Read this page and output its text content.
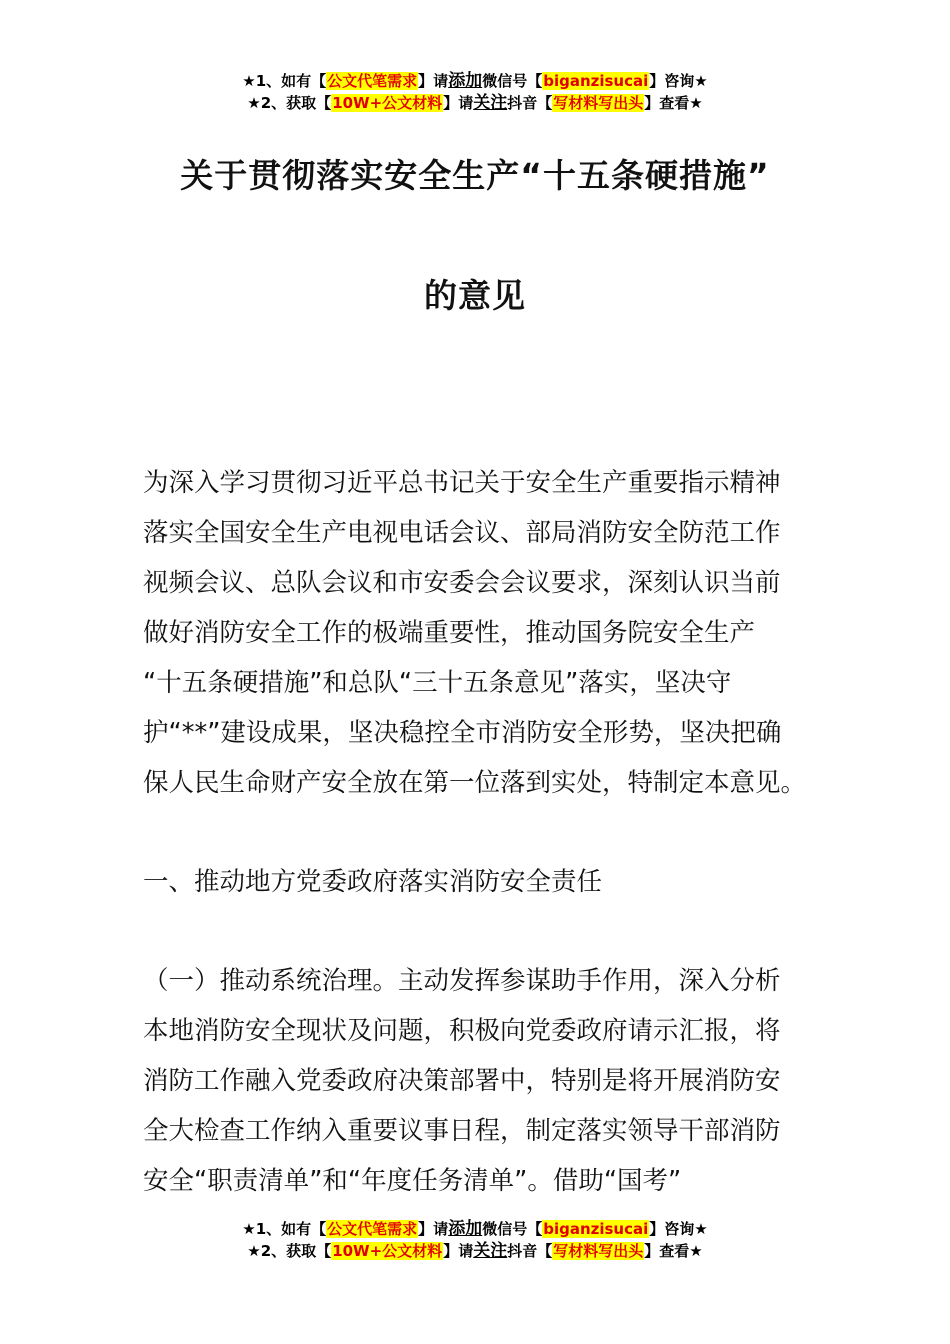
★1、如有【公文代笔需求】请添加微信号【biganzisucai】咨询★
★2、获取【10W+公文材料】请关注抖音【写材料写出头】查看★
关于贯彻落实安全生产“十五条硬措施”
的意见
为深入学习贯彻习近平总书记关于安全生产重要指示精神
落实全国安全生产电视电话会议、部局消防安全防范工作
视频会议、总队会议和市安委会会议要求，深刻认识当前
做好消防安全工作的极端重要性，推动国务院安全生产
“十五条硬措施”和总队“三十五条意见”落实，坚决守
护“**”建设成果，坚决稳控全市消防安全形势，坚决把确
保人民生命财产安全放在第一位落到实处，特制定本意见。
一、推动地方党委政府落实消防安全责任
（一）推动系统治理。主动发挥参谋助手作用，深入分析
本地消防安全现状及问题，积极向党委政府请示汇报，将
消防工作融入党委政府决策部署中，特别是将开展消防安
全大检查工作纳入重要议事日程，制定落实领导干部消防
安全“职责清单”和“年度任务清单”。借助“国考”
★1、如有【公文代笔需求】请添加微信号【biganzisucai】咨询★
★2、获取【10W+公文材料】请关注抖音【写材料写出头】查看★
